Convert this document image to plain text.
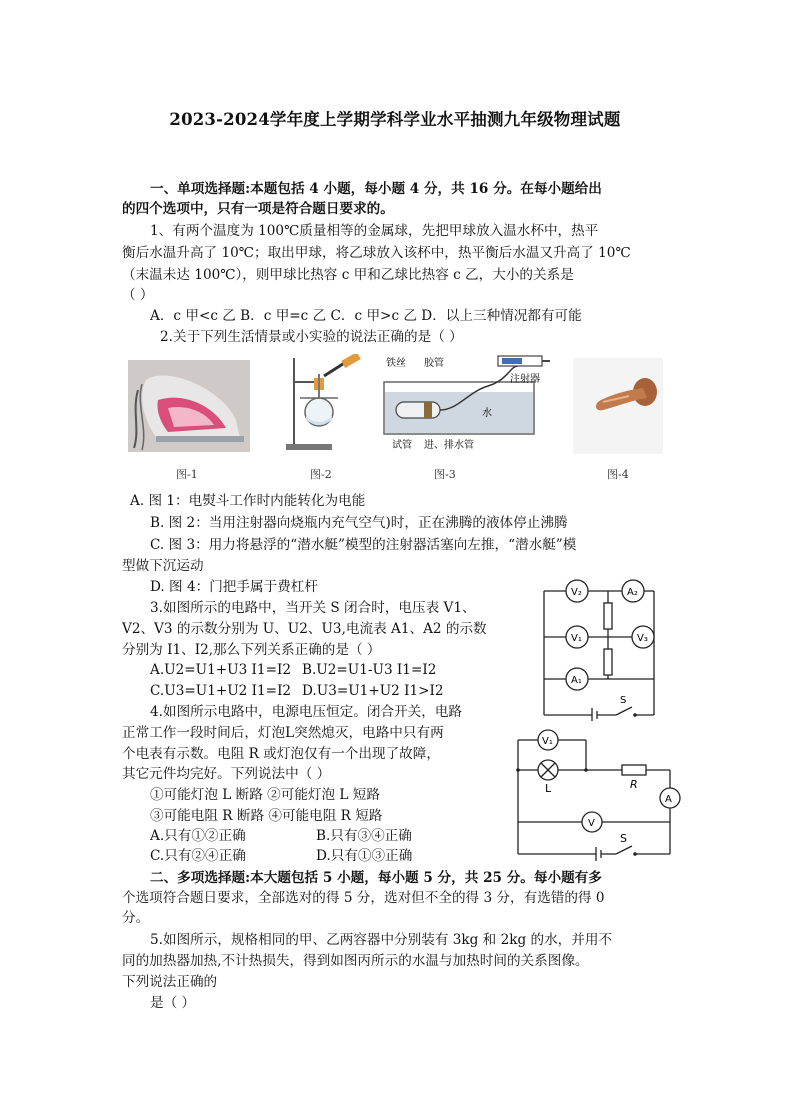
2023-2024学年度上学期学科学业水平抽测九年级物理试题
一、单项选择题:本题包括 4 小题，每小题 4 分，共 16 分。在每小题给出
的四个选项中，只有一项是符合题日要求的。
1、有两个温度为 100℃质量相等的金属球，先把甲球放入温水杯中，热平
衡后水温升高了 10℃；取出甲球，将乙球放入该杯中，热平衡后水温又升高了 10℃
（末温未达 100℃），则甲球比热容 c 甲和乙球比热容 c 乙，大小的关系是
（ ）
A．c 甲<c 乙 B．c 甲=c 乙 C．c 甲>c 乙 D．以上三种情况都有可能
2.关于下列生活情景或小实验的说法正确的是（ ）
图-1	图-2
铁丝 胶管
注射器
水
试管 进、排水管
图-3	图-4
A. 图 1：电熨斗工作时内能转化为电能
B. 图 2：当用注射器向烧瓶内充气空气)时，正在沸腾的液体停止沸腾
C. 图 3：用力将悬浮的“潜水艇”模型的注射器活塞向左推，“潜水艇”模
型做下沉运动
D. 图 4：门把手属于费杠杆
3.如图所示的电路中，当开关 S 闭合时，电压表 V1、
V2、V3 的示数分别为 U、U2、U3,电流表 A1、A2 的示数
分别为 I1、I2,那么下列关系正确的是（ ）
A.U2=U1+U3 I1=I2 B.U2=U1-U3 I1=I2
C.U3=U1+U2 I1=I2 D.U3=U1+U2 I1>I2
V₂	A₂
V₁	V₃
A₁
S
4.如图所示电路中，电源电压恒定。闭合开关，电路
正常工作一段时间后，灯泡L突然熄灭，电路中只有两
个电表有示数。电阻 R 或灯泡仅有一个出现了故障，
其它元件均完好。下列说法中（ ）
①可能灯泡 L 断路 ②可能灯泡 L 短路
③可能电阻 R 断路 ④可能电阻 R 短路
A.只有①②正确	B.只有③④正确
C.只有②④正确	D.只有①③正确
V₁
L	R
A
V
S
二、多项选择题:本大题包括 5 小题，每小题 5 分，共 25 分。每小题有多
个选项符合题日要求，全部选对的得 5 分，选对但不全的得 3 分，有选错的得 0
分。
5.如图所示，规格相同的甲、乙两容器中分别装有 3kg 和 2kg 的水，并用不
同的加热器加热,不计热损失，得到如图丙所示的水温与加热时间的关系图像。
下列说法正确的
是（ ）
